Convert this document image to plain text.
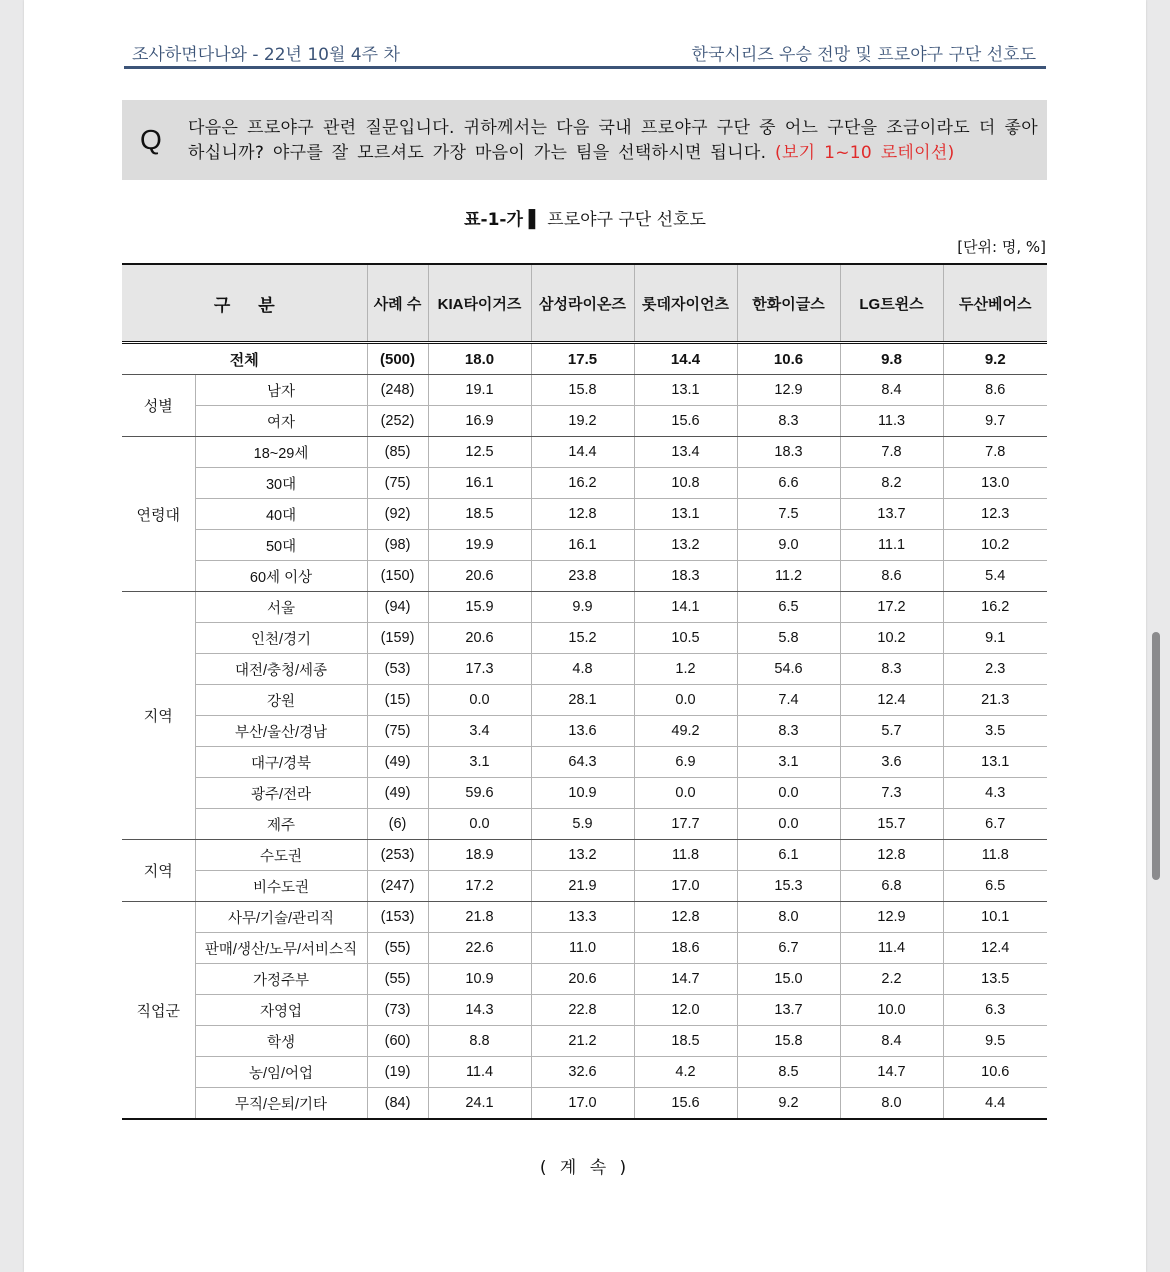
조사하면다나와 - 22년 10월 4주 차	한국시리즈 우승 전망 및 프로야구 구단 선호도
Q 다음은 프로야구 관련 질문입니다. 귀하께서는 다음 국내 프로야구 구단 중 어느 구단을 조금이라도 더 좋아하십니까? 야구를 잘 모르셔도 가장 마음이 가는 팀을 선택하시면 됩니다. (보기 1~10 로테이션)
표-1-가 ▌ 프로야구 구단 선호도
[단위: 명, %]
구분		사례 수	KIA타이거즈	삼성라이온즈	롯데자이언츠	한화이글스	LG트윈스	두산베어스
전체		(500)	18.0	17.5	14.4	10.6	9.8	9.2
성별	남자	(248)	19.1	15.8	13.1	12.9	8.4	8.6
	여자	(252)	16.9	19.2	15.6	8.3	11.3	9.7
연령대	18~29세	(85)	12.5	14.4	13.4	18.3	7.8	7.8
	30대	(75)	16.1	16.2	10.8	6.6	8.2	13.0
	40대	(92)	18.5	12.8	13.1	7.5	13.7	12.3
	50대	(98)	19.9	16.1	13.2	9.0	11.1	10.2
	60세 이상	(150)	20.6	23.8	18.3	11.2	8.6	5.4
지역	서울	(94)	15.9	9.9	14.1	6.5	17.2	16.2
	인천/경기	(159)	20.6	15.2	10.5	5.8	10.2	9.1
	대전/충청/세종	(53)	17.3	4.8	1.2	54.6	8.3	2.3
	강원	(15)	0.0	28.1	0.0	7.4	12.4	21.3
	부산/울산/경남	(75)	3.4	13.6	49.2	8.3	5.7	3.5
	대구/경북	(49)	3.1	64.3	6.9	3.1	3.6	13.1
	광주/전라	(49)	59.6	10.9	0.0	0.0	7.3	4.3
	제주	(6)	0.0	5.9	17.7	0.0	15.7	6.7
지역	수도권	(253)	18.9	13.2	11.8	6.1	12.8	11.8
	비수도권	(247)	17.2	21.9	17.0	15.3	6.8	6.5
직업군	사무/기술/관리직	(153)	21.8	13.3	12.8	8.0	12.9	10.1
	판매/생산/노무/서비스직	(55)	22.6	11.0	18.6	6.7	11.4	12.4
	가정주부	(55)	10.9	20.6	14.7	15.0	2.2	13.5
	자영업	(73)	14.3	22.8	12.0	13.7	10.0	6.3
	학생	(60)	8.8	21.2	18.5	15.8	8.4	9.5
	농/임/어업	(19)	11.4	32.6	4.2	8.5	14.7	10.6
	무직/은퇴/기타	(84)	24.1	17.0	15.6	9.2	8.0	4.4
( 계 속 )
